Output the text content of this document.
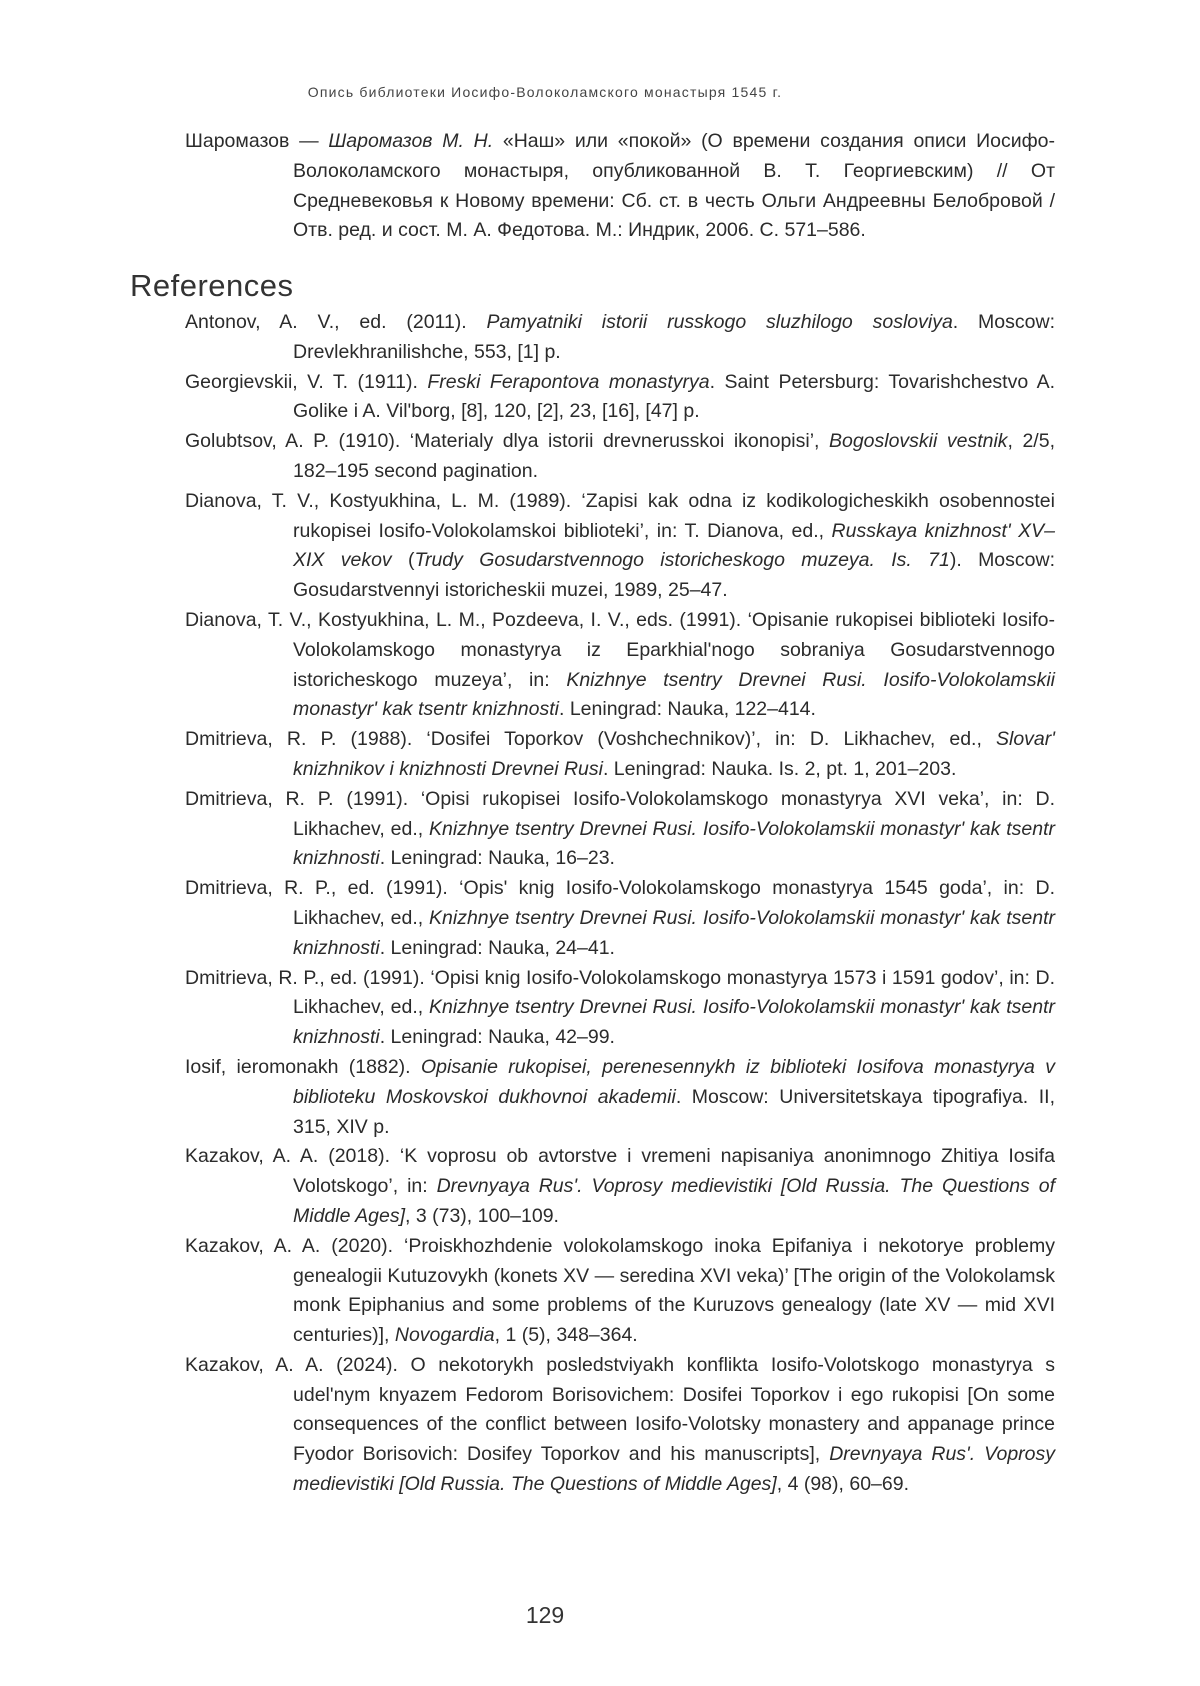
Опись библиотеки Иосифо-Волоколамского монастыря 1545 г.
Шаромазов — Шаромазов М. Н. «Наш» или «покой» (О времени создания описи Иосифо-Волоколамского монастыря, опубликованной В. Т. Георгиевским) // От Средневековья к Новому времени: Сб. ст. в честь Ольги Андреевны Белобровой / Отв. ред. и сост. М. А. Федотова. М.: Индрик, 2006. С. 571–586.
References
Antonov, A. V., ed. (2011). Pamyatniki istorii russkogo sluzhilogo sosloviya. Moscow: Drevlekhranilishche, 553, [1] p.
Georgievskii, V. T. (1911). Freski Ferapontova monastyrya. Saint Petersburg: Tovarishchestvo A. Golike i A. Vil'borg, [8], 120, [2], 23, [16], [47] p.
Golubtsov, A. P. (1910). ‘Materialy dlya istorii drevnerusskoi ikonopisi’, Bogoslovskii vestnik, 2/5, 182–195 second pagination.
Dianova, T. V., Kostyukhina, L. M. (1989). ‘Zapisi kak odna iz kodikologicheskikh osobennostei rukopisei Iosifo-Volokolamskoi biblioteki’, in: T. Dianova, ed., Russkaya knizhnost' XV–XIX vekov (Trudy Gosudarstvennogo istoricheskogo muzeya. Is. 71). Moscow: Gosudarstvennyi istoricheskii muzei, 1989, 25–47.
Dianova, T. V., Kostyukhina, L. M., Pozdeeva, I. V., eds. (1991). ‘Opisanie rukopisei biblioteki Iosifo-Volokolamskogo monastyrya iz Eparkhial'nogo sobraniya Gosudarstvennogo istoricheskogo muzeya’, in: Knizhnye tsentry Drevnei Rusi. Iosifo-Volokolamskii monastyr' kak tsentr knizhnosti. Leningrad: Nauka, 122–414.
Dmitrieva, R. P. (1988). ‘Dosifei Toporkov (Voshchechnikov)’, in: D. Likhachev, ed., Slovar' knizhnikov i knizhnosti Drevnei Rusi. Leningrad: Nauka. Is. 2, pt. 1, 201–203.
Dmitrieva, R. P. (1991). ‘Opisi rukopisei Iosifo-Volokolamskogo monastyrya XVI veka’, in: D. Likhachev, ed., Knizhnye tsentry Drevnei Rusi. Iosifo-Volokolamskii monastyr' kak tsentr knizhnosti. Leningrad: Nauka, 16–23.
Dmitrieva, R. P., ed. (1991). ‘Opis' knig Iosifo-Volokolamskogo monastyrya 1545 goda’, in: D. Likhachev, ed., Knizhnye tsentry Drevnei Rusi. Iosifo-Volokolamskii monastyr' kak tsentr knizhnosti. Leningrad: Nauka, 24–41.
Dmitrieva, R. P., ed. (1991). ‘Opisi knig Iosifo-Volokolamskogo monastyrya 1573 i 1591 godov’, in: D. Likhachev, ed., Knizhnye tsentry Drevnei Rusi. Iosifo-Volokolamskii monastyr' kak tsentr knizhnosti. Leningrad: Nauka, 42–99.
Iosif, ieromonakh (1882). Opisanie rukopisei, perenesennykh iz biblioteki Iosifova monastyrya v biblioteku Moskovskoi dukhovnoi akademii. Moscow: Universitetskaya tipografiya. II, 315, XIV p.
Kazakov, A. A. (2018). ‘K voprosu ob avtorstve i vremeni napisaniya anonimnogo Zhitiya Iosifa Volotskogo’, in: Drevnyaya Rus'. Voprosy medievistiki [Old Russia. The Questions of Middle Ages], 3 (73), 100–109.
Kazakov, A. A. (2020). ‘Proiskhozhdenie volokolamskogo inoka Epifaniya i nekotorye problemy genealogii Kutuzovykh (konets XV — seredina XVI veka)’ [The origin of the Volokolamsk monk Epiphanius and some problems of the Kuruzovs genealogy (late XV — mid XVI centuries)], Novogardia, 1 (5), 348–364.
Kazakov, A. A. (2024). O nekotorykh posledstviyakh konflikta Iosifo-Volotskogo monastyrya s udel'nym knyazem Fedorom Borisovichem: Dosifei Toporkov i ego rukopisi [On some consequences of the conflict between Iosifo-Volotsky monastery and appanage prince Fyodor Borisovich: Dosifey Toporkov and his manuscripts], Drevnyaya Rus'. Voprosy medievistiki [Old Russia. The Questions of Middle Ages], 4 (98), 60–69.
129
